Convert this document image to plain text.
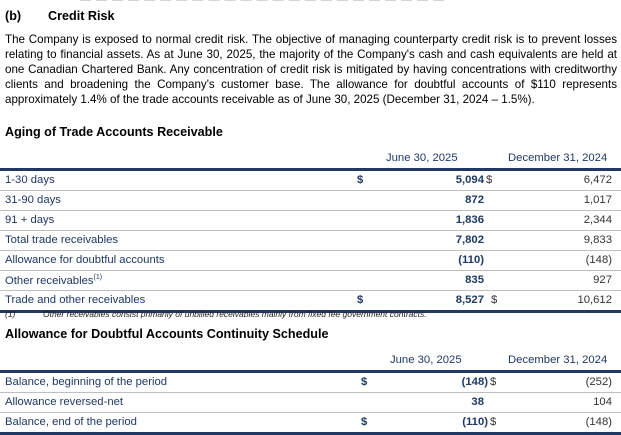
(b) Credit Risk

The Company is exposed to normal credit risk. The objective of managing counterparty credit risk is to prevent losses relating to financial assets. As at June 30, 2025, the majority of the Company's cash and cash equivalents are held at one Canadian Chartered Bank. Any concentration of credit risk is mitigated by having concentrations with creditworthy clients and broadening the Company's customer base. The allowance for doubtful accounts of $110 represents approximately 1.4% of the trade accounts receivable as of June 30, 2025 (December 31, 2024 – 1.5%).

Aging of Trade Accounts Receivable
June 30, 2025	December 31, 2024
1-30 days	$	5,094 $	6,472
31-90 days	872	1,017
91 + days	1,836	2,344
Total trade receivables	7,802	9,833
Allowance for doubtful accounts	(110)	(148)
Other receivables$^{(1)}$	835	927
Trade and other receivables	$	8,527 $	10,612
(1)	Other receivables consist primarily of unbilled receivables mainly from fixed fee government contracts.
Allowance for Doubtful Accounts Continuity Schedule
June 30, 2025	December 31, 2024
Balance, beginning of the period	$	(148) $	(252)
Allowance reversed-net	38	104
Balance, end of the period	$	(110) $	(148)
